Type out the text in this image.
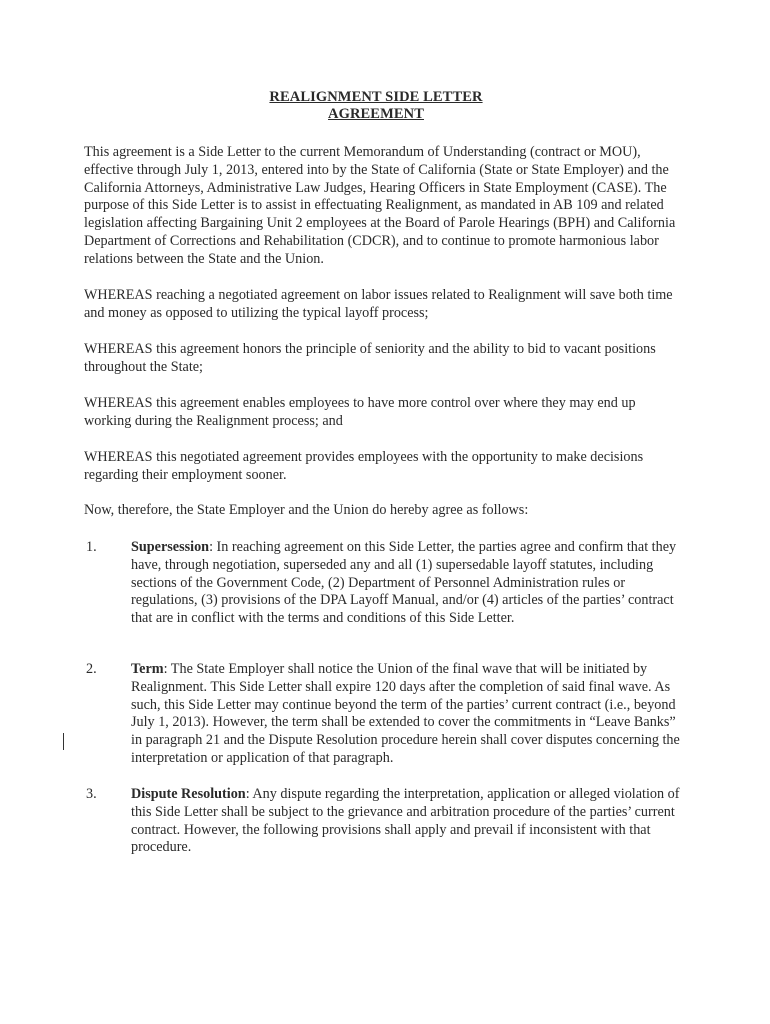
REALIGNMENT SIDE LETTER
AGREEMENT

This agreement is a Side Letter to the current Memorandum of Understanding (contract or MOU), effective through July 1, 2013, entered into by the State of California (State or State Employer) and the California Attorneys, Administrative Law Judges, Hearing Officers in State Employment (CASE). The purpose of this Side Letter is to assist in effectuating Realignment, as mandated in AB 109 and related legislation affecting Bargaining Unit 2 employees at the Board of Parole Hearings (BPH) and California Department of Corrections and Rehabilitation (CDCR), and to continue to promote harmonious labor relations between the State and the Union.

WHEREAS reaching a negotiated agreement on labor issues related to Realignment will save both time and money as opposed to utilizing the typical layoff process;

WHEREAS this agreement honors the principle of seniority and the ability to bid to vacant positions throughout the State;

WHEREAS this agreement enables employees to have more control over where they may end up working during the Realignment process; and

WHEREAS this negotiated agreement provides employees with the opportunity to make decisions regarding their employment sooner.

Now, therefore, the State Employer and the Union do hereby agree as follows:

1. Supersession: In reaching agreement on this Side Letter, the parties agree and confirm that they have, through negotiation, superseded any and all (1) supersedable layoff statutes, including sections of the Government Code, (2) Department of Personnel Administration rules or regulations, (3) provisions of the DPA Layoff Manual, and/or (4) articles of the parties’ contract that are in conflict with the terms and conditions of this Side Letter.

2. Term: The State Employer shall notice the Union of the final wave that will be initiated by Realignment. This Side Letter shall expire 120 days after the completion of said final wave. As such, this Side Letter may continue beyond the term of the parties’ current contract (i.e., beyond July 1, 2013). However, the term shall be extended to cover the commitments in “Leave Banks” in paragraph 21 and the Dispute Resolution procedure herein shall cover disputes concerning the interpretation or application of that paragraph.

3. Dispute Resolution: Any dispute regarding the interpretation, application or alleged violation of this Side Letter shall be subject to the grievance and arbitration procedure of the parties’ current contract. However, the following provisions shall apply and prevail if inconsistent with that procedure.
